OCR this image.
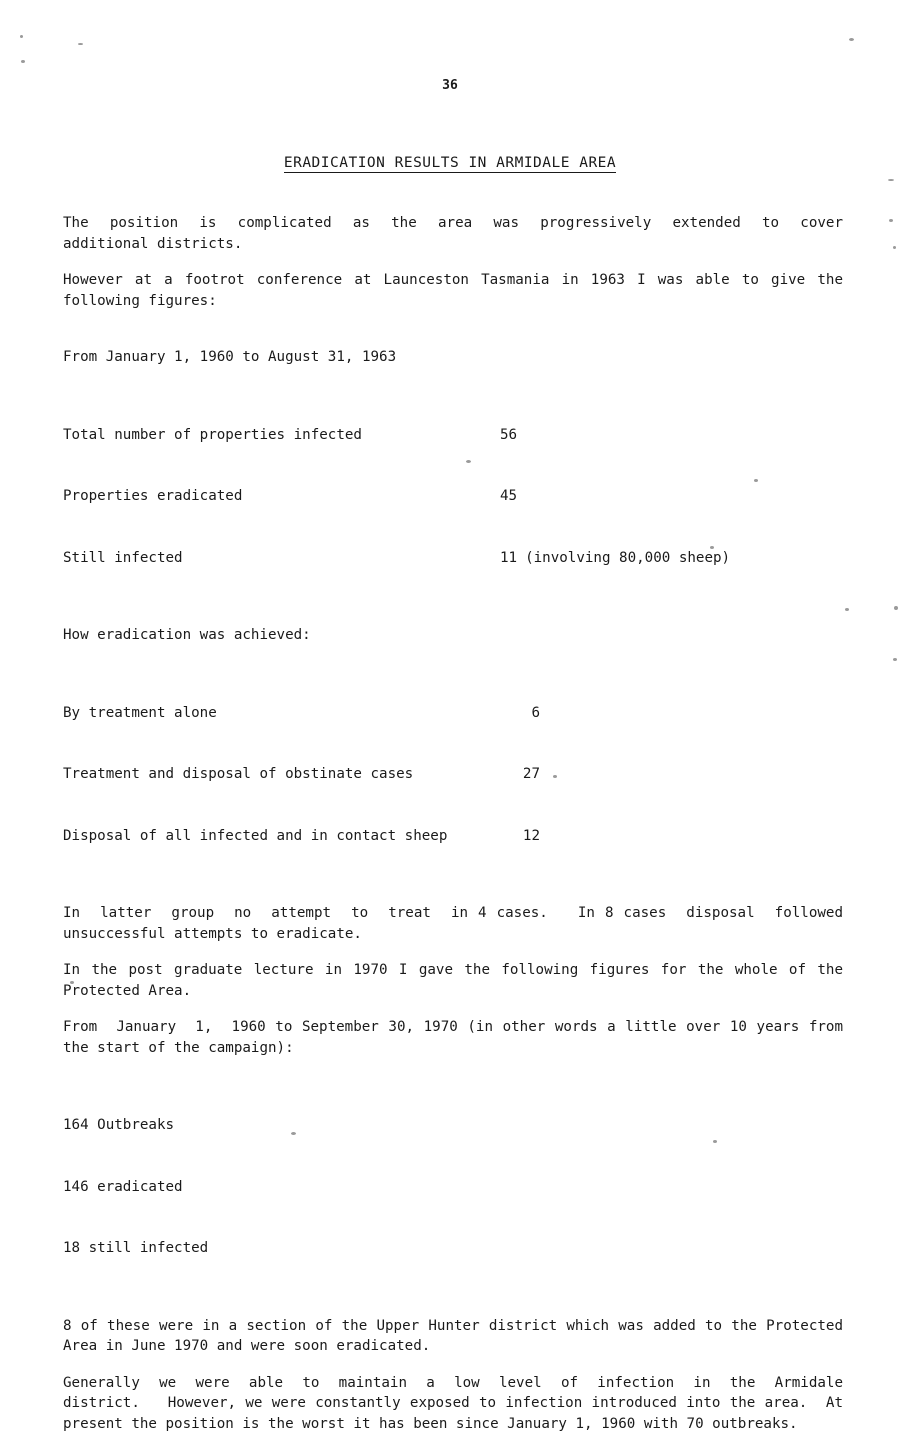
36
ERADICATION RESULTS IN ARMIDALE AREA

The  position  is  complicated  as  the  area  was  progressively  extended  to  cover additional districts.

However at a footrot conference at Launceston Tasmania in 1963 I was able to give the following figures:

From January 1, 1960 to August 31, 1963

Total number of properties infected	56

Properties eradicated	45

Still infected	11 (involving 80,000 sheep)

How eradication was achieved:

By treatment alone	6

Treatment and disposal of obstinate cases	27

Disposal of all infected and in contact sheep	12

In  latter  group  no  attempt  to  treat  in 4 cases.   In 8 cases  disposal  followed unsuccessful attempts to eradicate.

In the post graduate lecture in 1970 I gave the following figures for the whole of the Protected Area.

From  January  1,  1960 to September 30, 1970 (in other words a little over 10 years from the start of the campaign):

164 Outbreaks

146 eradicated

18 still infected

8 of these were in a section of the Upper Hunter district which was added to the Protected Area in June 1970 and were soon eradicated.

Generally  we  were  able  to  maintain  a  low  level  of  infection  in  the  Armidale district.   However, we were constantly exposed to infection introduced into the area.  At present the position is the worst it has been since January 1, 1960 with 70 outbreaks.
